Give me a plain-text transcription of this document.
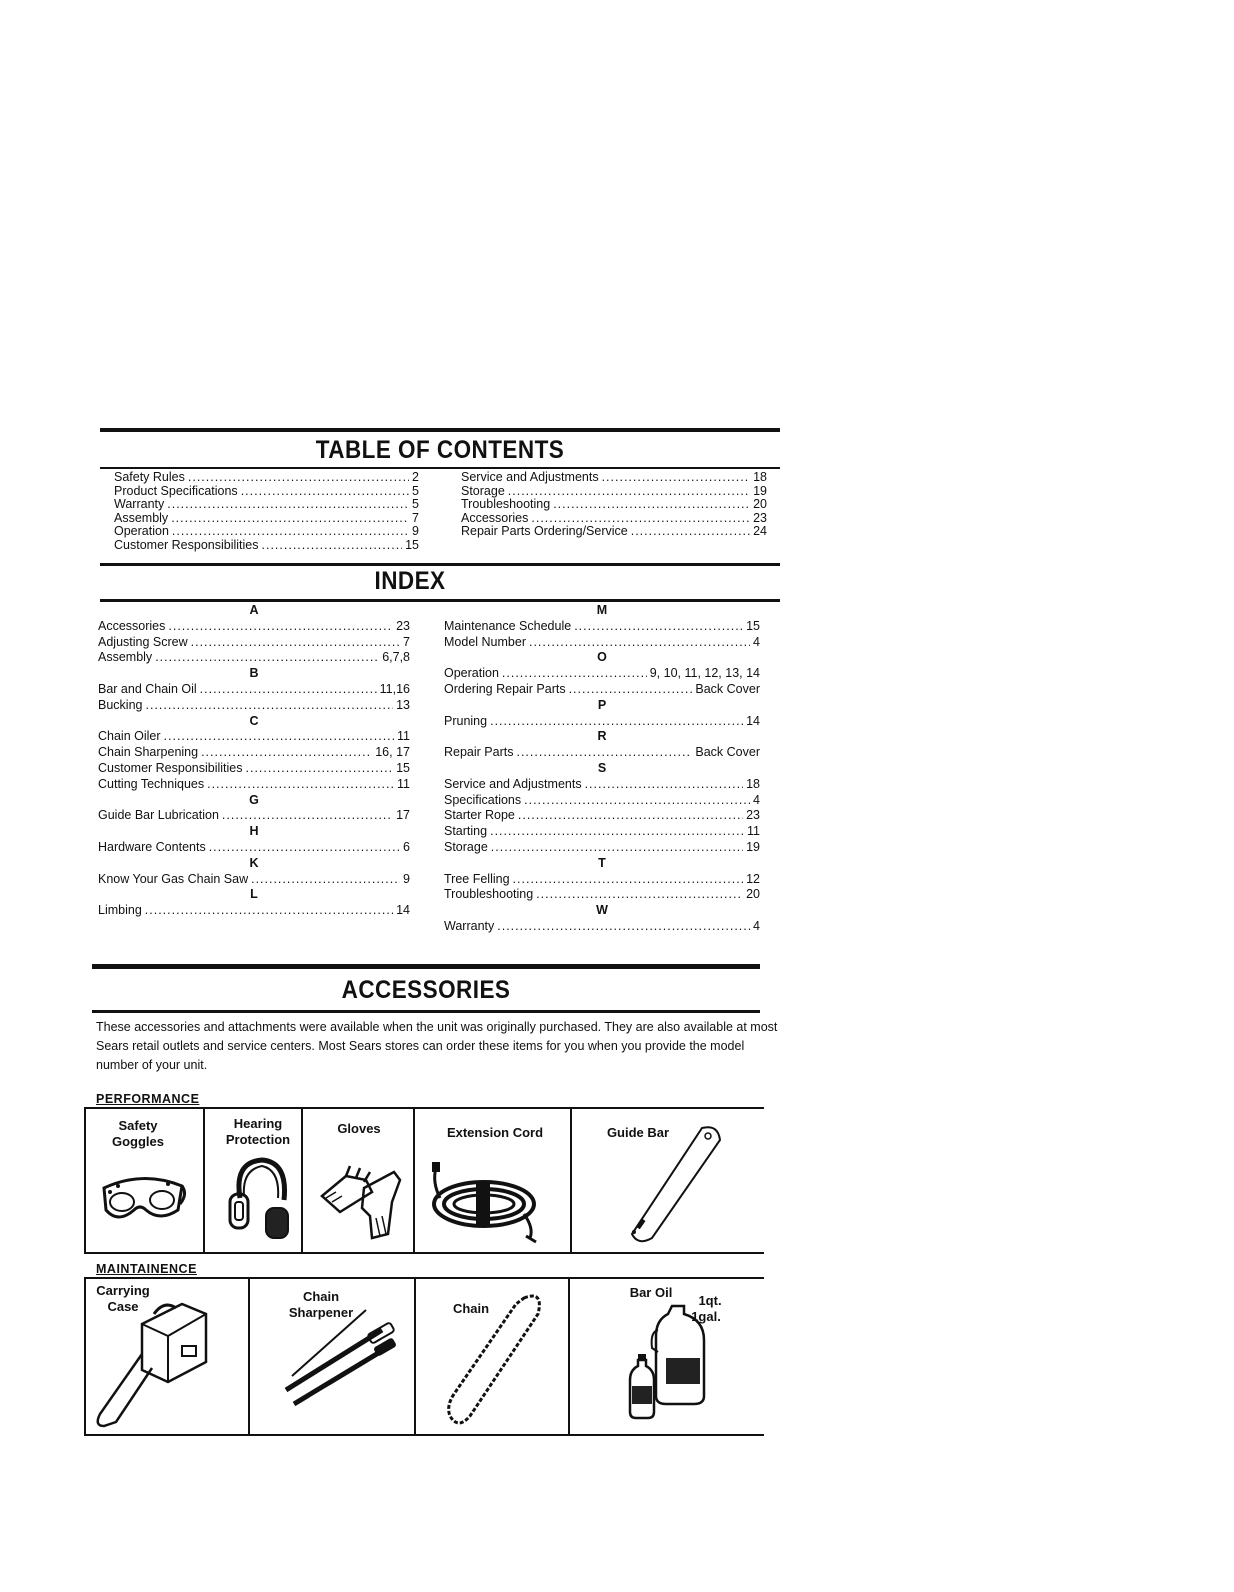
TABLE OF CONTENTS
Safety Rules .....	2
Product Specifications .....	5
Warranty .....	5
Assembly .....	7
Operation .....	9
Customer Responsibilities .....	15
Service and Adjustments .....	18
Storage .....	19
Troubleshooting .....	20
Accessories .....	23
Repair Parts Ordering/Service .....	24
INDEX
A
Accessories .....	23
Adjusting Screw .....	7
Assembly .....	6,7,8
B
Bar and Chain Oil .....	11,16
Bucking .....	13
C
Chain Oiler .....	11
Chain Sharpening .....	16, 17
Customer Responsibilities .....	15
Cutting Techniques .....	11
G
Guide Bar Lubrication .....	17
H
Hardware Contents .....	6
K
Know Your Gas Chain Saw .....	9
L
Limbing .....	14
M
Maintenance Schedule .....	15
Model Number .....	4
O
Operation .....	9, 10, 11, 12, 13, 14
Ordering Repair Parts .....	Back Cover
P
Pruning .....	14
R
Repair Parts .....	Back Cover
S
Service and Adjustments .....	18
Specifications .....	4
Starter Rope .....	23
Starting .....	11
Storage .....	19
T
Tree Felling .....	12
Troubleshooting .....	20
W
Warranty .....	4
ACCESSORIES

These accessories and attachments were available when the unit was originally purchased. They are also available at most Sears retail outlets and service centers. Most Sears stores can order these items for you when you provide the model number of your unit.

PERFORMANCE
Safety Goggles
Hearing Protection
Gloves	Extension Cord	Guide Bar
MAINTAINENCE
Carrying Case
Chain Sharpener	Chain
Bar Oil
1qt.
1gal.
